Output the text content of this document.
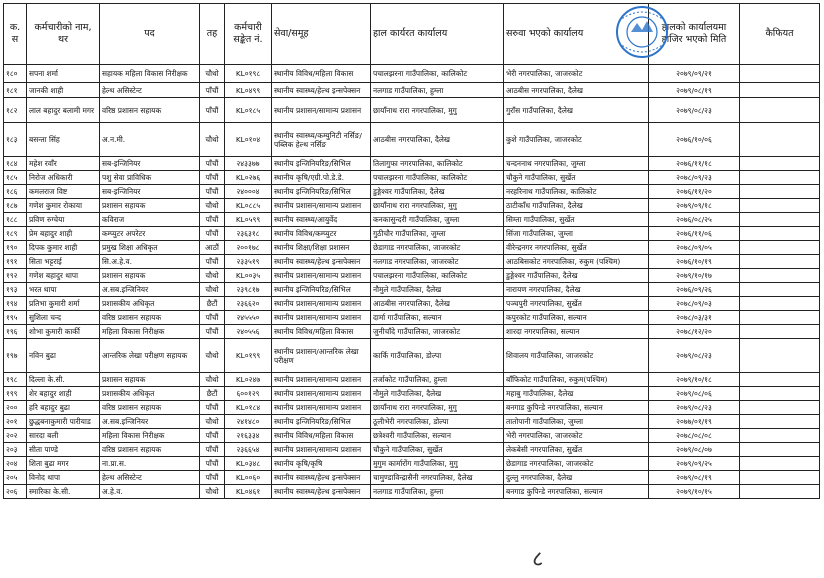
क. स	कर्मचारीको नाम, थर	पद	तह	कर्मचारी सङ्केत नं.	सेवा/समूह	हाल कार्यरत कार्यालय	सरुवा भएको कार्यालय	हालको कार्यालयमा हाजिर भएको मिति	कैफियत
१८०	सपना शर्मा	सहायक महिला विकास निरीक्षक	चौथो	KL०१९८	स्थानीय विविध/महिला विकास	पचालझरना गाउँपालिका, कालिकोट	भेरी नगरपालिका, जाजरकोट	२०७९/०९/२१	
१८१	जानकी शाही	हेल्थ असिस्टेन्ट	पाँचौं	KL०४९९	स्थानीय स्वास्थ्य/हेल्थ इन्सपेक्सन	नलगाड गाउँपालिका, हुम्ला	आठबीस नगरपालिका, दैलेख	२०७९/०८/१९	
१८२	लाल बहादुर बलामी मगर	वरिष्ठ प्रशासन सहायक	पाँचौं	KL०१८५	स्थानीय प्रशासन/सामान्य प्रशासन	छायाँनाथ रारा नगरपालिका, मुगु	गुराँस गाउँपालिका, दैलेख	२०७९/०८/२३	
१८३	बसन्ता सिंह	अ.न.मी.	चौथो	KL०१०४	स्थानीय स्वास्थ्य/कम्युनिटी नर्सिङ/पब्लिक हेल्थ नर्सिङ	आठबीस नगरपालिका, दैलेख	कुशे गाउँपालिका, जाजरकोट	२०७६/१०/०६	
१८४	महेश रवाँर	सब-इन्जिनियर	पाँचौं	२४३३७७	स्थानीय इन्जिनियरिङ/सिभिल	तिलागुफा नगरपालिका, कालिकोट	चन्दननाथ नगरपालिका, जुम्ला	२०७६/११/१८	
१८५	निरोज अधिकारी	पशु सेवा प्राविधिक	पाँचौं	KL०२७६	स्थानीय कृषि/एग्री.पो.डे.डे.	पचालझरना गाउँपालिका, कालिकोट	चौकुने गाउँपालिका, सुर्खेत	२०७८/०९/२३	
१८६	कमलराज विष्ट	सब-इन्जिनियर	पाँचौं	२४०००४	स्थानीय इन्जिनियरिङ/सिभिल	डुङ्गेश्वर गाउँपालिका, दैलेख	नरहरिनाथ गाउँपालिका, कालिकोट	२०७६/११/२०	
१८७	गणेश कुमार रोकाया	प्रशासन सहायक	चौथो	KL०८८५	स्थानीय प्रशासन/सामान्य प्रशासन	छायाँनाथ रारा नगरपालिका, मुगु	ठाटीकाँध गाउँपालिका, दैलेख	२०७९/०९/१८	
१८८	प्रविण रुग्चेया	कविराज	पाँचौं	KL०५९९	स्थानीय स्वास्थ्य/आयुर्वेद	कनकासुन्दरी गाउँपालिका, जुम्ला	सिम्ता गाउँपालिका, सुर्खेत	२०७६/०८/२५	
१८९	प्रेम बहादुर शाही	कम्प्युटर अपरेटर	पाँचौं	२३६३१८	स्थानीय विविध/कम्प्युटर	गुठीचौर गाउँपालिका, जुम्ला	सिंजा गाउँपालिका, जुम्ला	२०७६/११/०६	
१९०	दिपक कुमार शाही	प्रमुख शिक्षा अधिकृत	आठौं	२००१७८	स्थानीय शिक्षा/शिक्षा प्रशासन	छेडागाड नगरपालिका, जाजरकोट	वीरेन्द्रनगर नगरपालिका, सुर्खेत	२०७८/०९/०५	
१९१	सिता भट्टराई	सि.अ.हे.व.	पाँचौं	२३३५१९	स्थानीय स्वास्थ्य/हेल्थ इन्सपेक्सन	नलगाड नगरपालिका, जाजरकोट	आठबिसकोट नगरपालिका, रुकुम (पश्चिम)	२०७६/१०/१९	
१९२	गणेश बहादुर थापा	प्रशासन सहायक	चौथो	KL००३५	स्थानीय प्रशासन/सामान्य प्रशासन	पचालझरना गाउँपालिका, कालिकोट	डुङ्गेश्वर गाउँपालिका, दैलेख	२०७९/१०/१७	
१९३	भरत थापा	अ.सब.इन्जिनियर	चौथो	२३९८१७	स्थानीय इन्जिनियरिङ/सिभिल	नौमुले गाउँपालिका, दैलेख	नारायण नगरपालिका, दैलेख	२०७६/०९/२६	
१९४	प्रतिभा कुमारी शर्मा	प्रशासकीय अधिकृत	छैटौं	२३६६२०	स्थानीय प्रशासन/सामान्य प्रशासन	आठबीस नगरपालिका, दैलेख	पञ्चपुरी नगरपालिका, सुर्खेत	२०७८/०९/०३	
१९५	सुशिला चन्द	वरिष्ठ प्रशासन सहायक	पाँचौं	२४५५५०	स्थानीय प्रशासन/सामान्य प्रशासन	दार्मा गाउँपालिका, सल्यान	कपुरकोट गाउँपालिका, सल्यान	२०७८/०३/३१	
१९६	शोभा कुमारी कार्की	महिला विकास निरीक्षक	पाँचौं	२४०५५६	स्थानीय विविध/महिला विकास	जुनीचाँदे गाउँपालिका, जाजरकोट	शारदा नगरपालिका, सल्यान	२०७८/१२/२०	
१९७	नविन बुढा	आन्तरिक लेखा परीक्षण सहायक	चौथो	KL०१९९	स्थानीय प्रशासन/आन्तरिक लेखा परीक्षण	कार्कि गाउँपालिका, डोल्पा	शिवालय गाउँपालिका, जाजरकोट	२०७९/०८/२३	
१९८	दिल्ला के.सी.	प्रशासन सहायक	चौथो	KL०२४७	स्थानीय प्रशासन/सामान्य प्रशासन	तर्जाकोट गाउँपालिका, हुम्ला	बाँफिकोट गाउँपालिका, रुकुम(पश्चिम)	२०७९/१०/१८	
१९९	शेर बहादुर शाही	प्रशासकीय अधिकृत	छैटौं	६००१२९	स्थानीय प्रशासन/सामान्य प्रशासन	नौमुले गाउँपालिका, दैलेख	महाबु गाउँपालिका, दैलेख	२०७९/०८/०६	
२००	हरि बहादुर बुढा	वरिष्ठ प्रशासन सहायक	पाँचौं	KL०१८४	स्थानीय प्रशासन/सामान्य प्रशासन	छायाँनाथ रारा नगरपालिका, मुगु	बनगाड कुपिन्डे नगरपालिका, सल्यान	२०७९/०८/२३	
२०१	छुद्धबनाकुमारी पारीयाड	अ.सब.इन्जिनियर	चौथो	२४१४८०	स्थानीय इन्जिनियरिङ/सिभिल	ठूलीभेरी नगरपालिका, डोल्पा	तातोपानी गाउँपालिका, जुम्ला	२०७७/०१/१९	
२०२	सारदा बली	महिला विकास निरीक्षक	पाँचौं	२१६३३४	स्थानीय विविध/महिला विकास	छत्रेश्वरी गाउँपालिका, सल्यान	भेरी नगरपालिका, जाजरकोट	२०७८/०८/०८	
२०३	सीता पाण्डे	वरिष्ठ प्रशासन सहायक	पाँचौं	२३६६५४	स्थानीय प्रशासन/सामान्य प्रशासन	चौकुने गाउँपालिका, सुर्खेत	लेकबेसी नगरपालिका, सुर्खेत	२०७९/०८/०७	
२०४	शिता बुढा मगर	ना.प्रा.स.	पाँचौं	KL०३४८	स्थानीय कृषि/कृषि	मुगुम कार्मारोंग गाउँपालिका, मुगु	छेडागाड नगरपालिका, जाजरकोट	२०७९/०९/२५	
२०५	विनोद थापा	हेल्थ असिस्टेन्ट	पाँचौं	KL००६०	स्थानीय स्वास्थ्य/हेल्थ इन्सपेक्सन	चामुण्डाविन्द्रासैनी नगरपालिका, दैलेख	दुल्लु नगरपालिका, दैलेख	२०७९/०८/१९	
२०६	स्मारिका के.सी.	अ.हे.व.	चौथो	KL०४६१	स्थानीय स्वास्थ्य/हेल्थ इन्सपेक्सन	नलगाड गाउँपालिका, हुम्ला	बनगाड कुपिन्डे नगरपालिका, सल्यान	२०७९/१०/१५	
८
